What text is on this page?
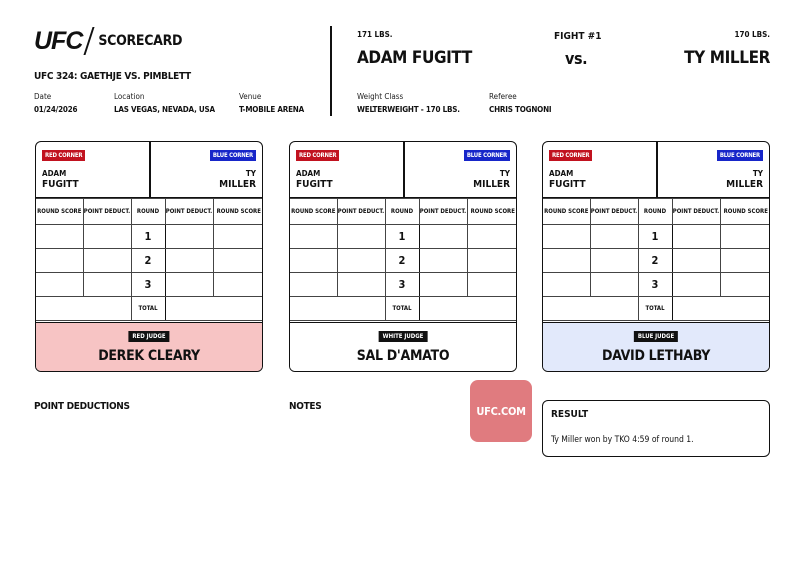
UFC SCORECARD
UFC 324: GAETHJE VS. PIMBLETT
Date
01/24/2026
Location
LAS VEGAS, NEVADA, USA
Venue
T-MOBILE ARENA
171 LBS.
ADAM FUGITT
FIGHT #1
vs.
170 LBS.
TY MILLER
Weight Class
WELTERWEIGHT - 170 LBS.
Referee
CHRIS TOGNONI
RED CORNER
ADAM
FUGITT
BLUE CORNER
TY
MILLER
ROUND SCORE	POINT DEDUCT.	ROUND	POINT DEDUCT.	ROUND SCORE
		1		
		2		
		3		
		TOTAL		
RED JUDGE
DEREK CLEARY
RED CORNER
ADAM
FUGITT
BLUE CORNER
TY
MILLER
ROUND SCORE	POINT DEDUCT.	ROUND	POINT DEDUCT.	ROUND SCORE
		1		
		2		
		3		
		TOTAL		
WHITE JUDGE
SAL D'AMATO
RED CORNER
ADAM
FUGITT
BLUE CORNER
TY
MILLER
ROUND SCORE	POINT DEDUCT.	ROUND	POINT DEDUCT.	ROUND SCORE
		1		
		2		
		3		
		TOTAL		
BLUE JUDGE
DAVID LETHABY
POINT DEDUCTIONS	NOTES	UFC.COM	RESULT
Ty Miller won by TKO 4:59 of round 1.
